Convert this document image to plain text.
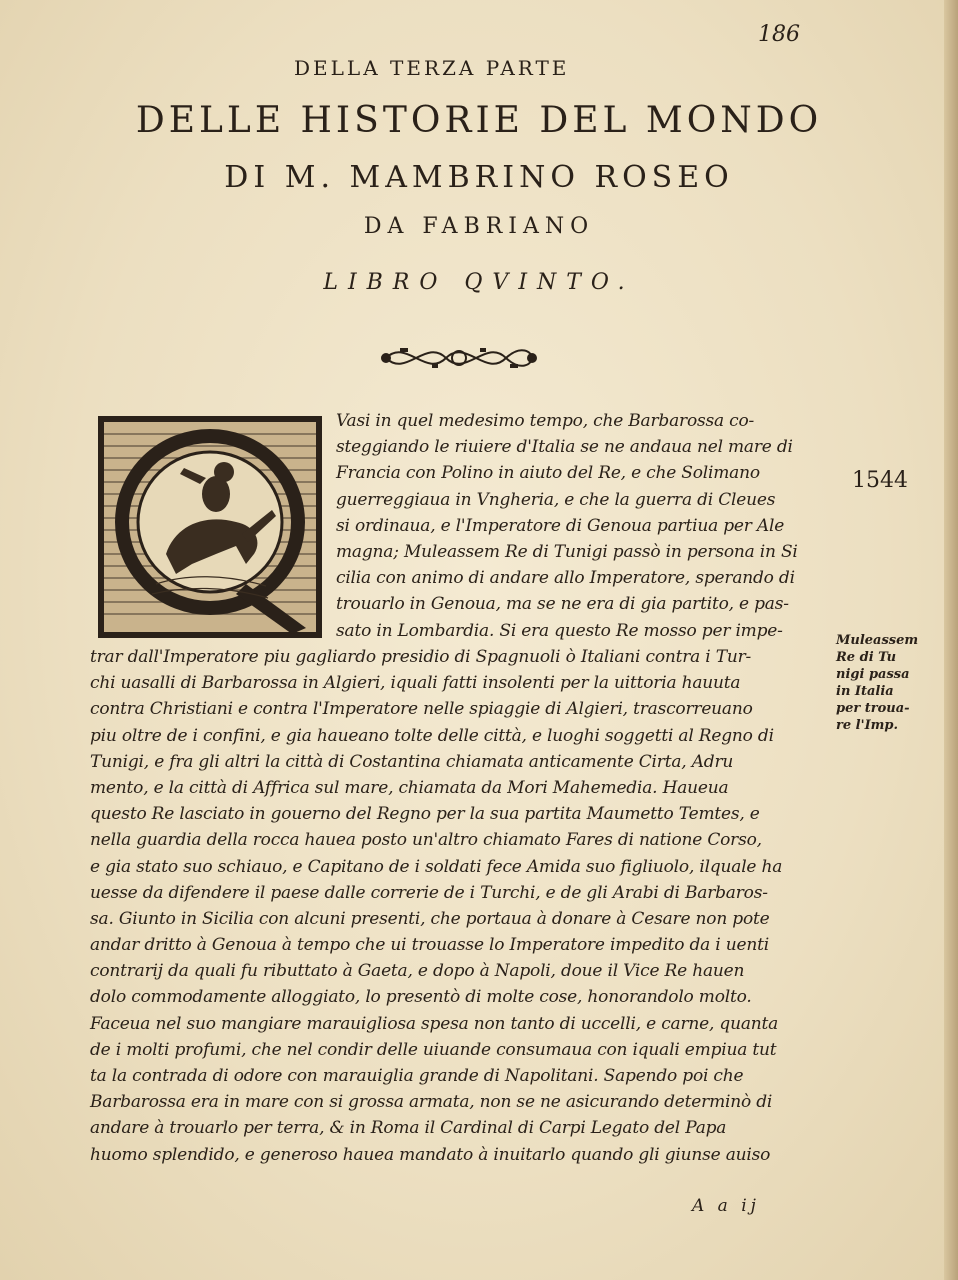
186
DELLA TERZA PARTE
DELLE HISTORIE DEL MONDO
DI M. MAMBRINO ROSEO
DA FABRIANO
LIBRO QVINTO.
Vasi in quel medesimo tempo, che Barbarossa co-
steggiando le riuiere d'Italia se ne andaua nel mare di
Francia con Polino in aiuto del Re, e che Solimano
guerreggiaua in Vngheria, e che la guerra di Cleues
si ordinaua, e l'Imperatore di Genoua partiua per Ale
magna; Muleassem Re di Tunigi passò in persona in Si
cilia con animo di andare allo Imperatore, sperando di
trouarlo in Genoua, ma se ne era di gia partito, e pas-
sato in Lombardia. Si era questo Re mosso per impe-
trar dall'Imperatore piu gagliardo presidio di Spagnuoli ò Italiani contra i Tur-
chi uasalli di Barbarossa in Algieri, iquali fatti insolenti per la uittoria hauuta
contra Christiani e contra l'Imperatore nelle spiaggie di Algieri, trascorreuano
piu oltre de i confini, e gia haueano tolte delle città, e luoghi soggetti al Regno di
Tunigi, e fra gli altri la città di Costantina chiamata anticamente Cirta, Adru
mento, e la città di Affrica sul mare, chiamata da Mori Mahemedia. Haueua
questo Re lasciato in gouerno del Regno per la sua partita Maumetto Temtes, e
nella guardia della rocca hauea posto un'altro chiamato Fares di natione Corso,
e gia stato suo schiauo, e Capitano de i soldati fece Amida suo figliuolo, ilquale ha
uesse da difendere il paese dalle correrie de i Turchi, e de gli Arabi di Barbaros-
sa. Giunto in Sicilia con alcuni presenti, che portaua à donare à Cesare non pote
andar dritto à Genoua à tempo che ui trouasse lo Imperatore impedito da i uenti
contrarij da quali fu ributtato à Gaeta, e dopo à Napoli, doue il Vice Re hauen
dolo commodamente alloggiato, lo presentò di molte cose, honorandolo molto.
Faceua nel suo mangiare marauigliosa spesa non tanto di uccelli, e carne, quanta
de i molti profumi, che nel condir delle uiuande consumaua con iquali empiua tut
ta la contrada di odore con marauiglia grande di Napolitani. Sapendo poi che
Barbarossa era in mare con si grossa armata, non se ne asicurando determinò di
andare à trouarlo per terra, & in Roma il Cardinal di Carpi Legato del Papa
huomo splendido, e generoso hauea mandato à inuitarlo quando gli giunse auiso
1544
Muleassem
Re di Tu
nigi passa
in Italia
per troua-
re l'Imp.
A a ij
